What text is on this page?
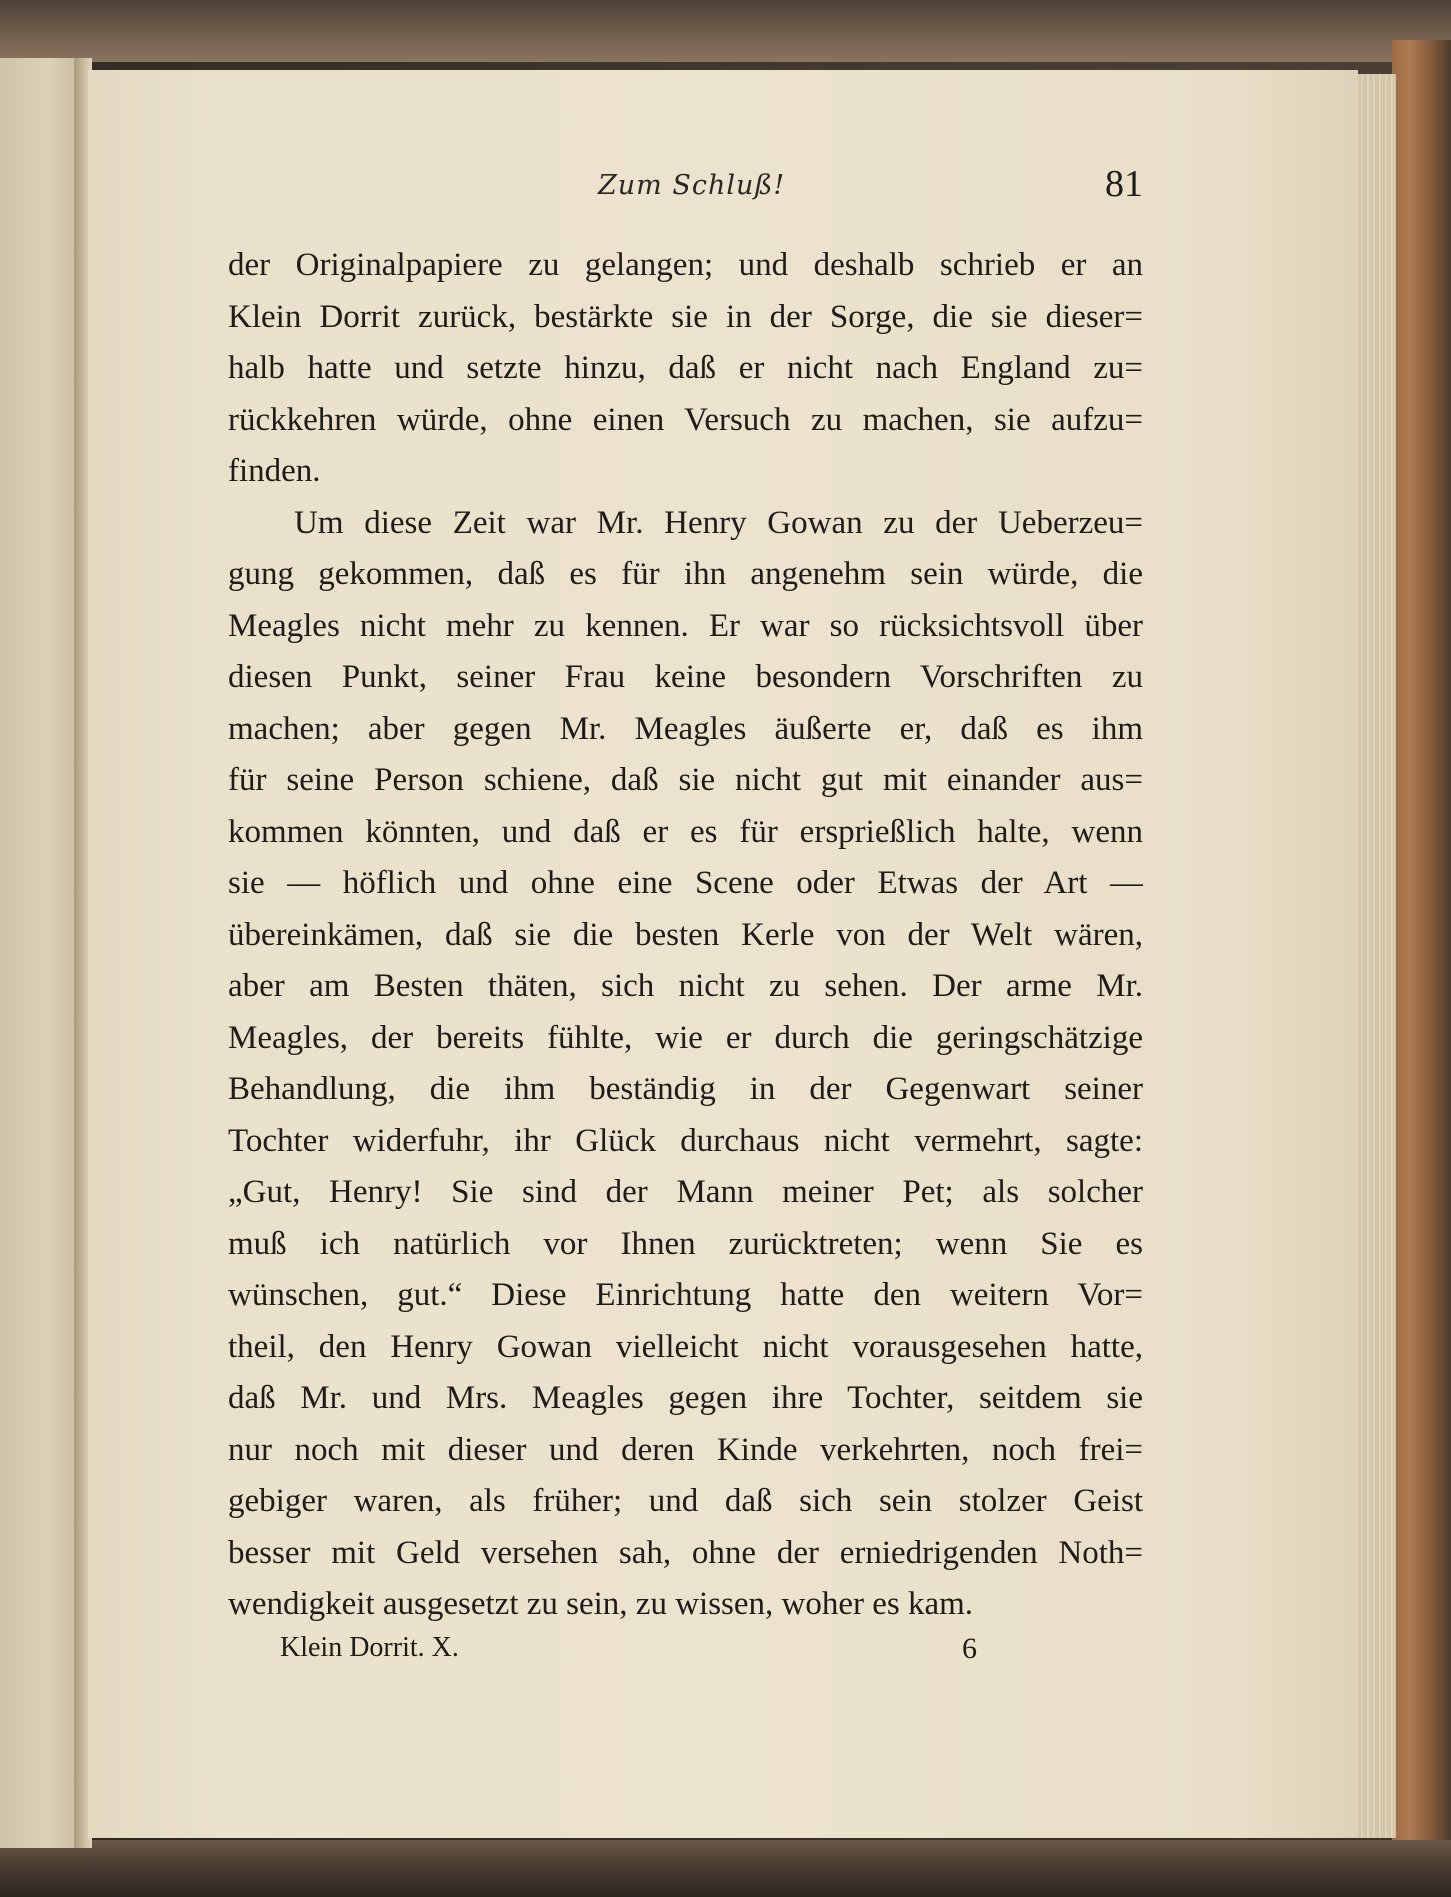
Zum Schluß!	81
der Originalpapiere zu gelangen; und deshalb schrieb er an
Klein Dorrit zurück, bestärkte sie in der Sorge, die sie dieser=
halb hatte und setzte hinzu, daß er nicht nach England zu=
rückkehren würde, ohne einen Versuch zu machen, sie aufzu=
finden.
Um diese Zeit war Mr. Henry Gowan zu der Ueberzeu=
gung gekommen, daß es für ihn angenehm sein würde, die
Meagles nicht mehr zu kennen. Er war so rücksichtsvoll über
diesen Punkt, seiner Frau keine besondern Vorschriften zu
machen; aber gegen Mr. Meagles äußerte er, daß es ihm
für seine Person schiene, daß sie nicht gut mit einander aus=
kommen könnten, und daß er es für ersprießlich halte, wenn
sie — höflich und ohne eine Scene oder Etwas der Art —
übereinkämen, daß sie die besten Kerle von der Welt wären,
aber am Besten thäten, sich nicht zu sehen. Der arme Mr.
Meagles, der bereits fühlte, wie er durch die geringschätzige
Behandlung, die ihm beständig in der Gegenwart seiner
Tochter widerfuhr, ihr Glück durchaus nicht vermehrt, sagte:
„Gut, Henry! Sie sind der Mann meiner Pet; als solcher
muß ich natürlich vor Ihnen zurücktreten; wenn Sie es
wünschen, gut.“ Diese Einrichtung hatte den weitern Vor=
theil, den Henry Gowan vielleicht nicht vorausgesehen hatte,
daß Mr. und Mrs. Meagles gegen ihre Tochter, seitdem sie
nur noch mit dieser und deren Kinde verkehrten, noch frei=
gebiger waren, als früher; und daß sich sein stolzer Geist
besser mit Geld versehen sah, ohne der erniedrigenden Noth=
wendigkeit ausgesetzt zu sein, zu wissen, woher es kam.
Klein Dorrit. X.	6
